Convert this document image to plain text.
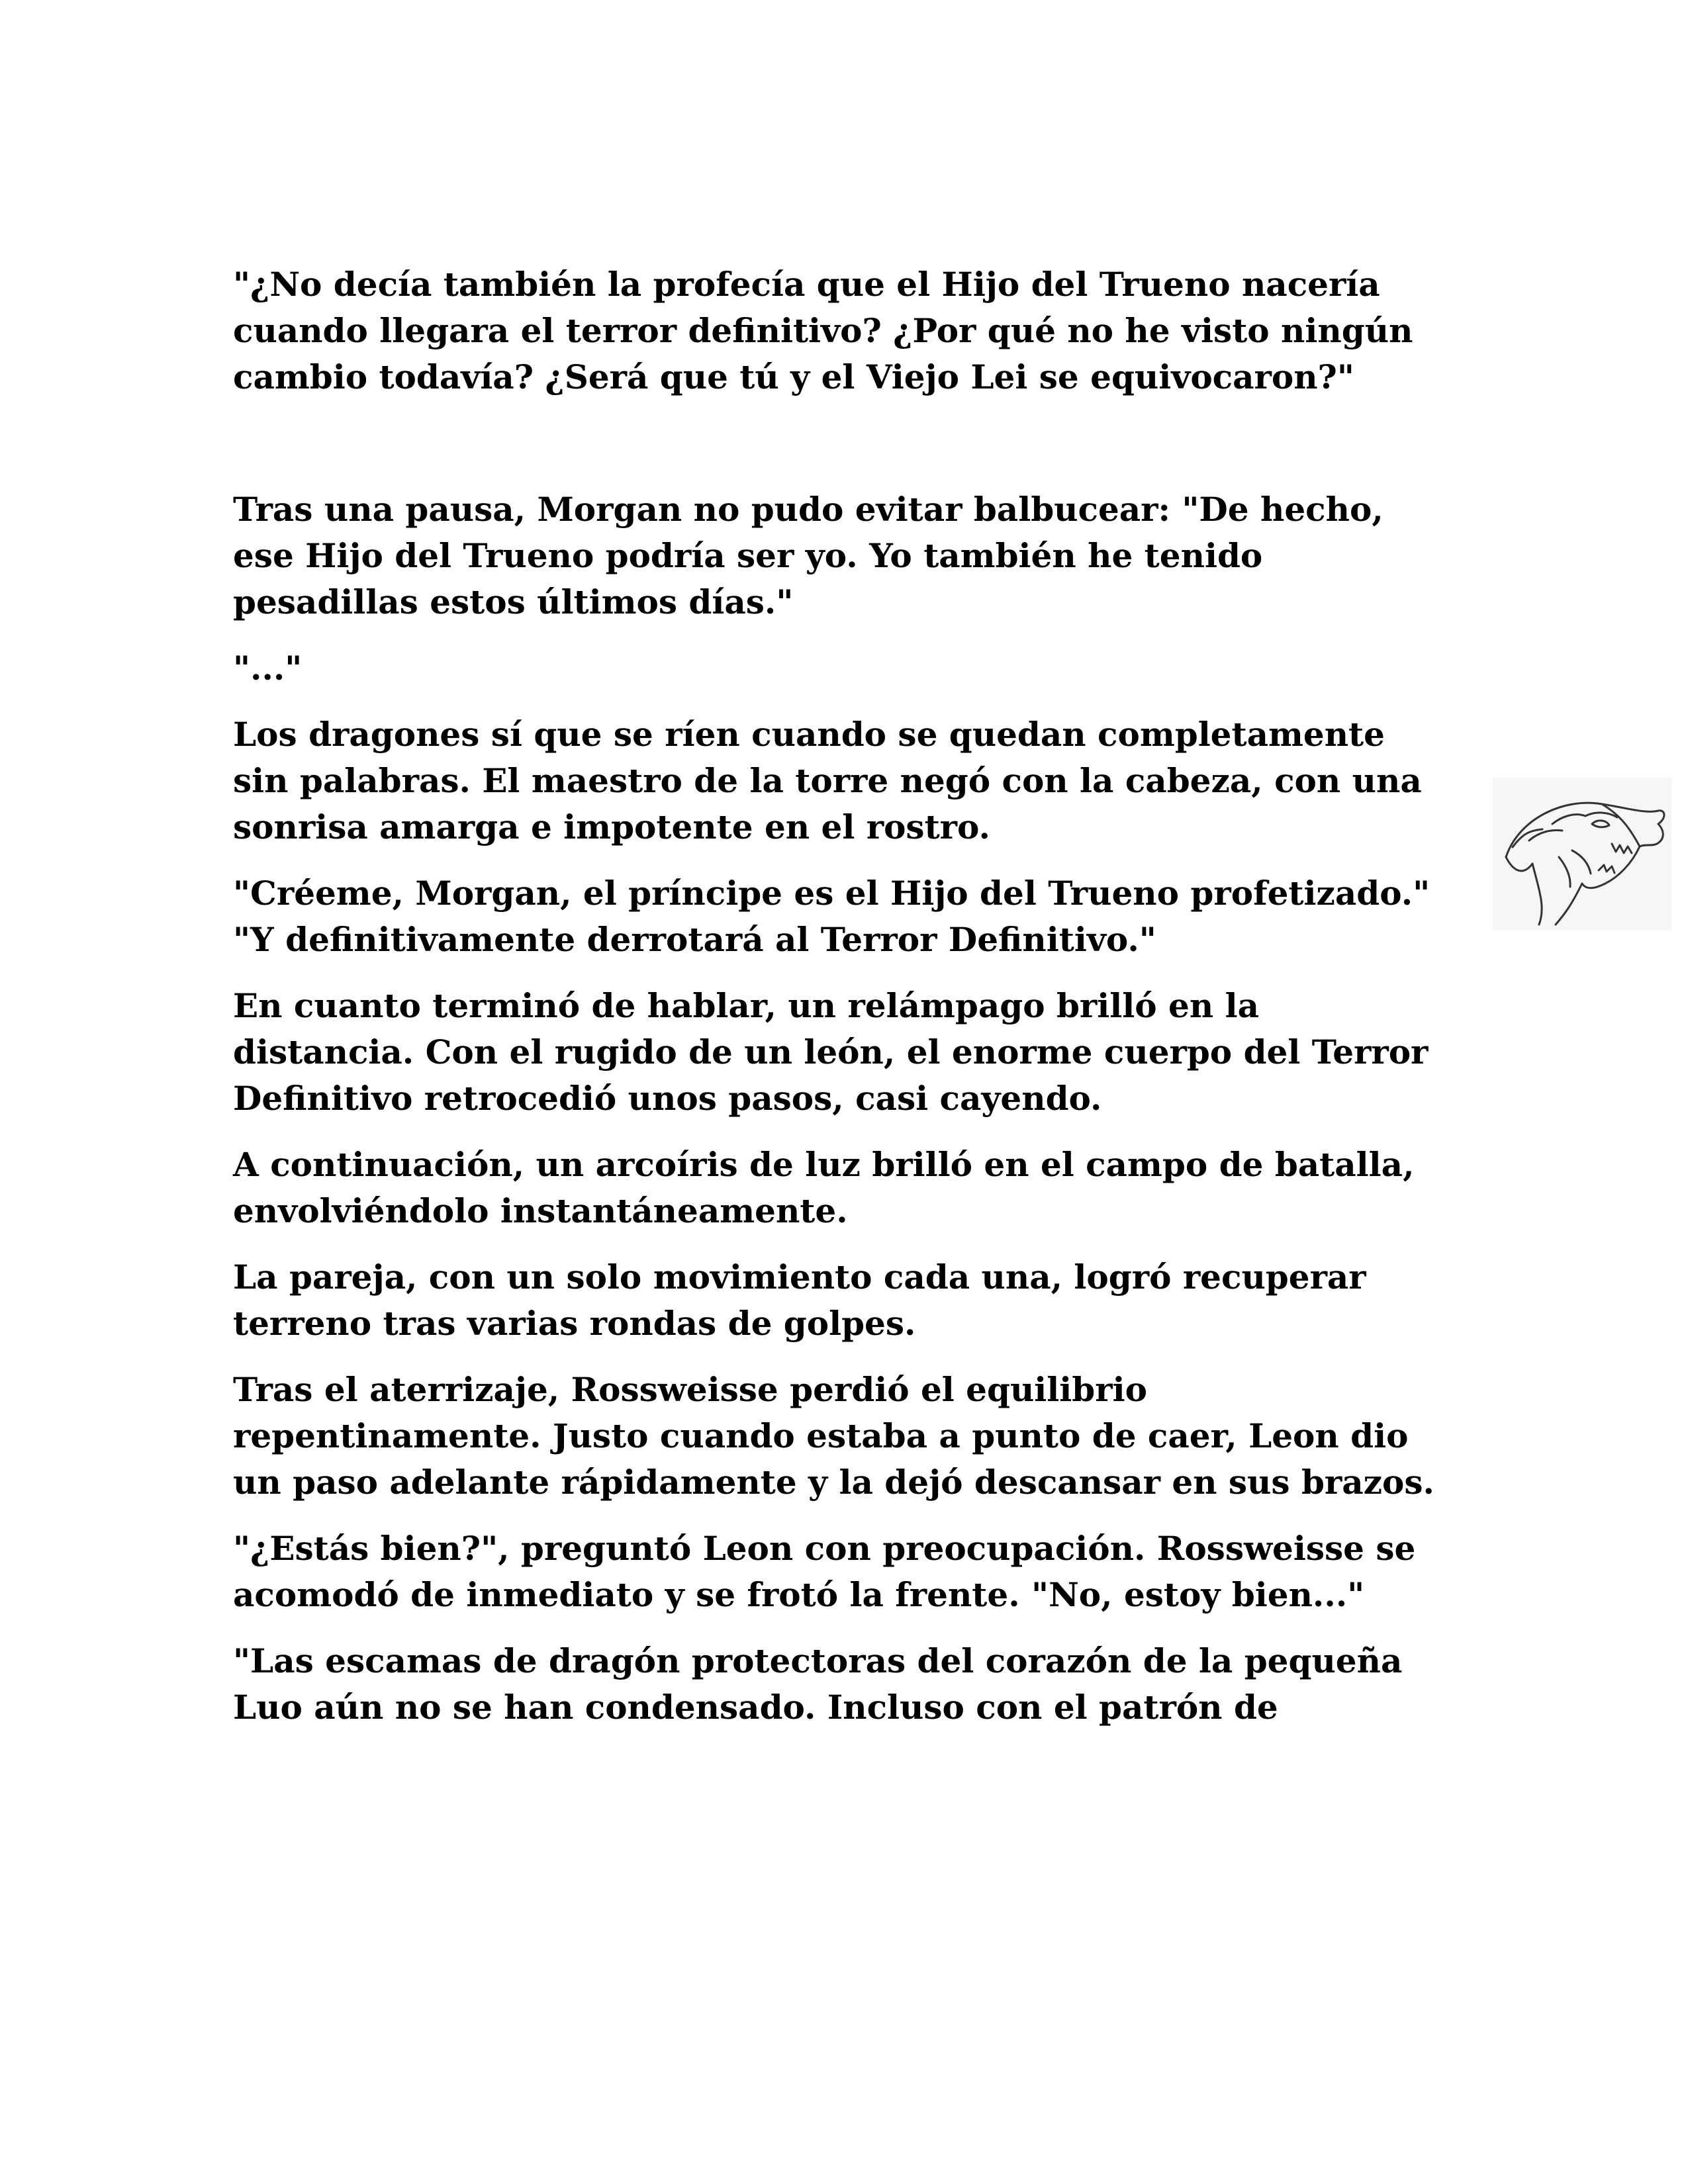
"¿No decía también la profecía que el Hijo del Trueno nacería cuando llegara el terror definitivo? ¿Por qué no he visto ningún cambio todavía? ¿Será que tú y el Viejo Lei se equivocaron?"

Tras una pausa, Morgan no pudo evitar balbucear: "De hecho, ese Hijo del Trueno podría ser yo. Yo también he tenido pesadillas estos últimos días."

"..."

Los dragones sí que se ríen cuando se quedan completamente sin palabras. El maestro de la torre negó con la cabeza, con una sonrisa amarga e impotente en el rostro.

"Créeme, Morgan, el príncipe es el Hijo del Trueno profetizado." "Y definitivamente derrotará al Terror Definitivo."

En cuanto terminó de hablar, un relámpago brilló en la distancia. Con el rugido de un león, el enorme cuerpo del Terror Definitivo retrocedió unos pasos, casi cayendo.

A continuación, un arcoíris de luz brilló en el campo de batalla, envolviéndolo instantáneamente.

La pareja, con un solo movimiento cada una, logró recuperar terreno tras varias rondas de golpes.

Tras el aterrizaje, Rossweisse perdió el equilibrio repentinamente. Justo cuando estaba a punto de caer, Leon dio un paso adelante rápidamente y la dejó descansar en sus brazos.

"¿Estás bien?", preguntó Leon con preocupación. Rossweisse se acomodó de inmediato y se frotó la frente. "No, estoy bien..."

"Las escamas de dragón protectoras del corazón de la pequeña Luo aún no se han condensado. Incluso con el patrón de
